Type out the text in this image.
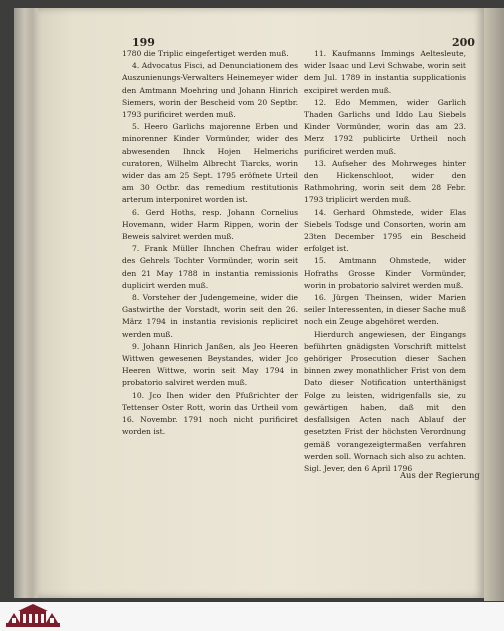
199	200

1780 die Triplic eingefertiget werden muß.

4. Advocatus Fisci, ad Denunciationem des Auszunienungs-Verwalters Heinemeyer wider den Amtmann Moehring und Johann Hinrich Siemers, worin der Bescheid vom 20 Septbr. 1793 purificiret werden muß.

5. Heero Garlichs majorenne Erben und minorenner Kinder Vormünder, wider des abwesenden Ihnck Hojen Helmerichs curatoren, Wilhelm Albrecht Tiarcks, worin wider das am 25 Sept. 1795 eröfnete Urteil am 30 Octbr. das remedium restitutionis arterum interponiret worden ist.

6. Gerd Hoths, resp. Johann Cornelius Hovemann, wider Harm Rippen, worin der Beweis salviret werden muß.

7. Frank Müller Ihnchen Chefrau wider des Gehrels Tochter Vormünder, worin seit den 21 May 1788 in instantia remissionis duplicirt werden muß.

8. Vorsteher der Judengemeine, wider die Gastwirthe der Vorstadt, worin seit den 26. März 1794 in instantia revisionis repliciret werden muß.

9. Johann Hinrich Janßen, als Jeo Heeren Wittwen gewesenen Beystandes, wider Jco Heeren Wittwe, worin seit May 1794 in probatorio salviret werden muß.

10. Jco Ihen wider den Pfußrichter der Tettenser Oster Rott, worin das Urtheil vom 16. Novembr. 1791 noch nicht purificiret worden ist.

11. Kaufmanns Immings Aeltesleute, wider Isaac und Levi Schwabe, worin seit dem Jul. 1789 in instantia supplicationis excipiret werden muß.

12. Edo Memmen, wider Garlich Thaden Garlichs und Iddo Lau Siebels Kinder Vormünder, worin das am 23. Merz 1792 publicirte Urtheil noch purificiret werden muß.

13. Aufseher des Mohrweges hinter den Hickenschloot, wider den Rathmohring, worin seit dem 28 Febr. 1793 triplicirt werden muß.

14. Gerhard Ohmstede, wider Elas Siebels Todsge und Consorten, worin am 23ten December 1795 ein Bescheid erfolget ist.

15. Amtmann Ohmstede, wider Hofraths Grosse Kinder Vormünder, worin in probatorio salviret werden muß.

16. Jürgen Theinsen, wider Marien seiler Interessenten, in dieser Sache muß noch ein Zeuge abgehöret werden.

Hierdurch angewiesen, der Eingangs beführten gnädigsten Vorschrift mittelst gehöriger Prosecution dieser Sachen binnen zwey monathlicher Frist von dem Dato dieser Notification unterthänigst Folge zu leisten, widrigenfalls sie, zu gewärtigen haben, daß mit den desfallsigen Acten nach Ablauf der gesetzten Frist der höchsten Verordnung gemäß vorangezeigtermaßen verfahren werden soll. Wornach sich also zu achten. Sigl. Jever, den 6 April 1796

Aus der Regierung
